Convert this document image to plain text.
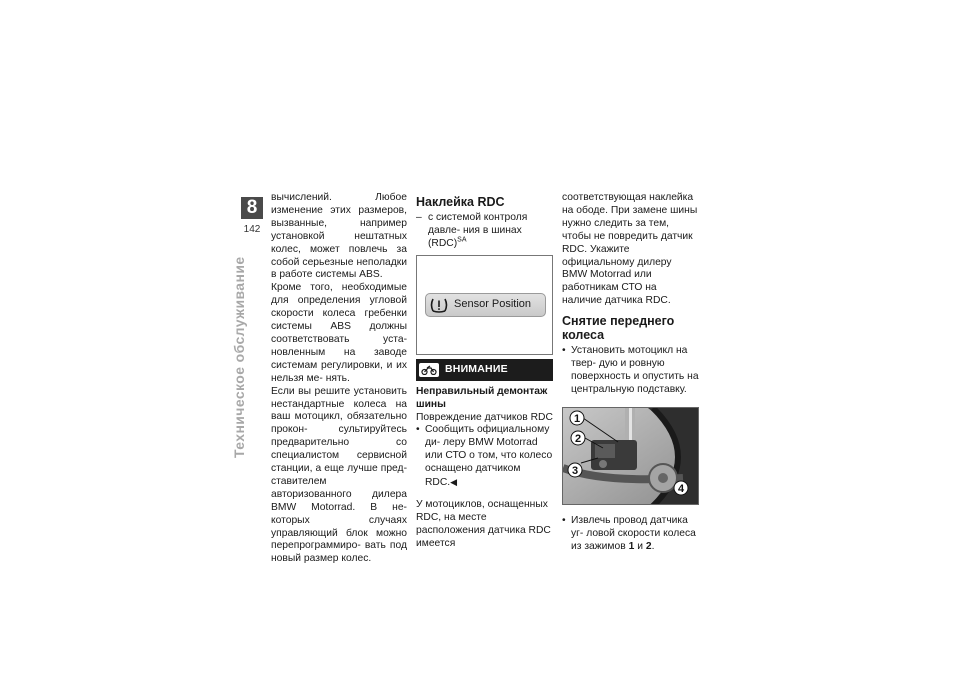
8
142
Техническое обслуживание

вычислений. Любое изменение этих размеров, вызванные, например установкой нештатных колес, может повлечь за собой серьезные неполадки в работе системы ABS.

Кроме того, необходимые для определения угловой скорости колеса гребенки системы ABS должны соответствовать уста- новленным на заводе системам регулировки, и их нельзя ме- нять.

Если вы решите установить нестандартные колеса на ваш мотоцикл, обязательно прокон- сультируйтесь предварительно со специалистом сервисной станции, а еще лучше пред- ставителем авторизованного дилера BMW Motorrad. В не- которых случаях управляющий блок можно перепрограммиро- вать под новый размер колес.

Наклейка RDC
– с системой контроля давле- ния в шинах (RDC)$^{SA}$
Sensor Position
ВНИМАНИЕ
Неправильный демонтаж шины
Повреждение датчиков RDC
• Сообщить официальному ди- леру BMW Motorrad или СТО о том, что колесо оснащено датчиком RDC.◀

У мотоциклов, оснащенных RDC, на месте расположения датчика RDC имеется

соответствующая наклейка на ободе. При замене шины нужно следить за тем, чтобы не повредить датчик RDC. Укажите официальному дилеру BMW Motorrad или работникам СТО на наличие датчика RDC.

Снятие переднего колеса
• Установить мотоцикл на твер- дую и ровную поверхность и опустить на центральную подставку.
1
2
3
4
• Извлечь провод датчика уг- ловой скорости колеса из зажимов 1 и 2.
